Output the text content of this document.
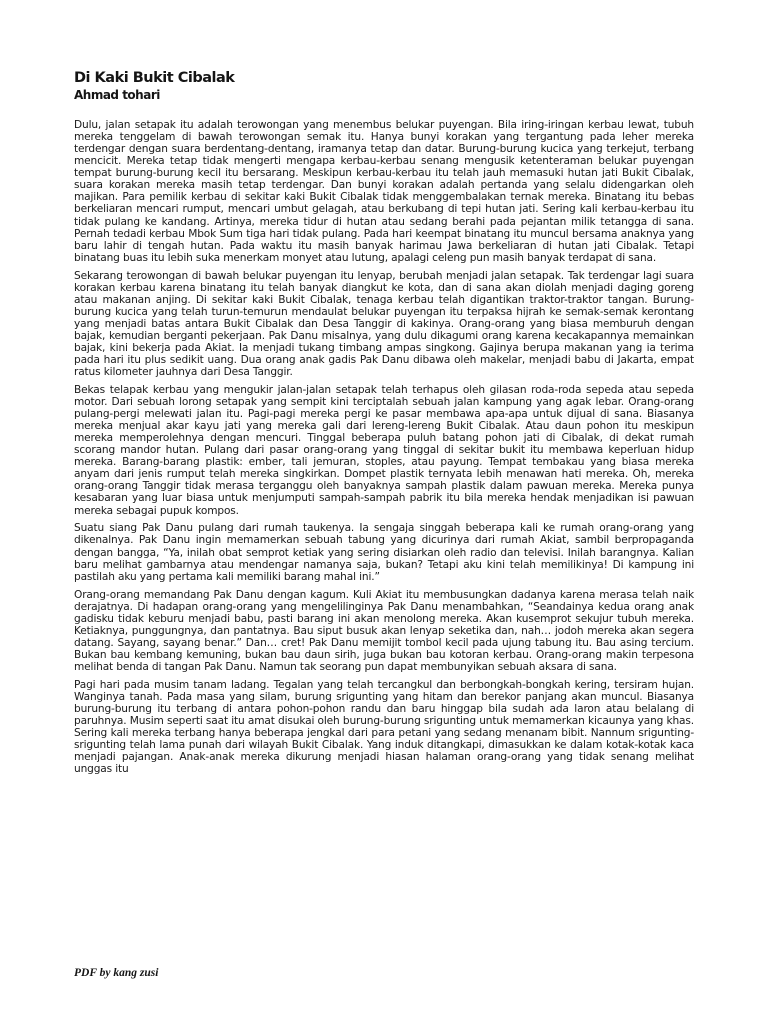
Di Kaki Bukit Cibalak
Ahmad tohari

Dulu, jalan setapak itu adalah terowongan yang menembus belukar puyengan. Bila iring-iringan kerbau lewat, tubuh mereka tenggelam di bawah terowongan semak itu. Hanya bunyi korakan yang tergantung pada leher mereka terdengar dengan suara berdentang-dentang, iramanya tetap dan datar. Burung-burung kucica yang terkejut, terbang mencicit. Mereka tetap tidak mengerti mengapa kerbau-kerbau senang mengusik ketenteraman belukar puyengan tempat burung-burung kecil itu bersarang. Meskipun kerbau-kerbau itu telah jauh memasuki hutan jati Bukit Cibalak, suara korakan mereka masih tetap terdengar. Dan bunyi korakan adalah pertanda yang selalu didengarkan oleh majikan. Para pemilik kerbau di sekitar kaki Bukit Cibalak tidak menggembalakan ternak mereka. Binatang itu bebas berkeliaran mencari rumput, mencari umbut gelagah, atau berkubang di tepi hutan jati. Sering kali kerbau-kerbau itu tidak pulang ke kandang. Artinya, mereka tidur di hutan atau sedang berahi pada pejantan milik tetangga di sana. Pernah tedadi kerbau Mbok Sum tiga hari tidak pulang. Pada hari keempat binatang itu muncul bersama anaknya yang baru lahir di tengah hutan. Pada waktu itu masih banyak harimau Jawa berkeliaran di hutan jati Cibalak. Tetapi binatang buas itu lebih suka menerkam monyet atau lutung, apalagi celeng pun masih banyak terdapat di sana.

Sekarang terowongan di bawah belukar puyengan itu lenyap, berubah menjadi jalan setapak. Tak terdengar lagi suara korakan kerbau karena binatang itu telah banyak diangkut ke kota, dan di sana akan diolah menjadi daging goreng atau makanan anjing. Di sekitar kaki Bukit Cibalak, tenaga kerbau telah digantikan traktor-traktor tangan. Burung-burung kucica yang telah turun-temurun mendaulat belukar puyengan itu terpaksa hijrah ke semak-semak kerontang yang menjadi batas antara Bukit Cibalak dan Desa Tanggir di kakinya. Orang-orang yang biasa memburuh dengan bajak, kemudian berganti pekerjaan. Pak Danu misalnya, yang dulu dikagumi orang karena kecakapannya memainkan bajak, kini bekerja pada Akiat. Ia menjadi tukang timbang ampas singkong. Gajinya berupa makanan yang ia terima pada hari itu plus sedikit uang. Dua orang anak gadis Pak Danu dibawa oleh makelar, menjadi babu di Jakarta, empat ratus kilometer jauhnya dari Desa Tanggir.

Bekas telapak kerbau yang mengukir jalan-jalan setapak telah terhapus oleh gilasan roda-roda sepeda atau sepeda motor. Dari sebuah lorong setapak yang sempit kini terciptalah sebuah jalan kampung yang agak lebar. Orang-orang pulang-pergi melewati jalan itu. Pagi-pagi mereka pergi ke pasar membawa apa-apa untuk dijual di sana. Biasanya mereka menjual akar kayu jati yang mereka gali dari lereng-lereng Bukit Cibalak. Atau daun pohon itu meskipun mereka memperolehnya dengan mencuri. Tinggal beberapa puluh batang pohon jati di Cibalak, di dekat rumah scorang mandor hutan. Pulang dari pasar orang-orang yang tinggal di sekitar bukit itu membawa keperluan hidup mereka. Barang-barang plastik: ember, tali jemuran, stoples, atau payung. Tempat tembakau yang biasa mereka anyam dari jenis rumput telah mereka singkirkan. Dompet plastik ternyata lebih menawan hati mereka. Oh, mereka orang-orang Tanggir tidak merasa terganggu oleh banyaknya sampah plastik dalam pawuan mereka. Mereka punya kesabaran yang luar biasa untuk menjumputi sampah-sampah pabrik itu bila mereka hendak menjadikan isi pawuan mereka sebagai pupuk kompos.

Suatu siang Pak Danu pulang dari rumah taukenya. Ia sengaja singgah beberapa kali ke rumah orang-orang yang dikenalnya. Pak Danu ingin memamerkan sebuah tabung yang dicurinya dari rumah Akiat, sambil berpropaganda dengan bangga, “Ya, inilah obat semprot ketiak yang sering disiarkan oleh radio dan televisi. Inilah barangnya. Kalian baru melihat gambarnya atau mendengar namanya saja, bukan? Tetapi aku kini telah memilikinya! Di kampung ini pastilah aku yang pertama kali memiliki barang mahal ini.”

Orang-orang memandang Pak Danu dengan kagum. Kuli Akiat itu membusungkan dadanya karena merasa telah naik derajatnya. Di hadapan orang-orang yang mengelilinginya Pak Danu menambahkan, “Seandainya kedua orang anak gadisku tidak keburu menjadi babu, pasti barang ini akan menolong mereka. Akan kusemprot sekujur tubuh mereka. Ketiaknya, punggungnya, dan pantatnya. Bau siput busuk akan lenyap seketika dan, nah… jodoh mereka akan segera datang. Sayang, sayang benar.” Dan… cret! Pak Danu memijit tombol kecil pada ujung tabung itu. Bau asing tercium. Bukan bau kembang kemuning, bukan bau daun sirih, juga bukan bau kotoran kerbau. Orang-orang makin terpesona melihat benda di tangan Pak Danu. Namun tak seorang pun dapat membunyikan sebuah aksara di sana.

Pagi hari pada musim tanam ladang. Tegalan yang telah tercangkul dan berbongkah-bongkah kering, tersiram hujan. Wanginya tanah. Pada masa yang silam, burung srigunting yang hitam dan berekor panjang akan muncul. Biasanya burung-burung itu terbang di antara pohon-pohon randu dan baru hinggap bila sudah ada laron atau belalang di paruhnya. Musim seperti saat itu amat disukai oleh burung-burung srigunting untuk memamerkan kicaunya yang khas. Sering kali mereka terbang hanya beberapa jengkal dari para petani yang sedang menanam bibit. Nannum srigunting-srigunting telah lama punah dari wilayah Bukit Cibalak. Yang induk ditangkapi, dimasukkan ke dalam kotak-kotak kaca menjadi pajangan. Anak-anak mereka dikurung menjadi hiasan halaman orang-orang yang tidak senang melihat unggas itu

PDF by kang zusi
